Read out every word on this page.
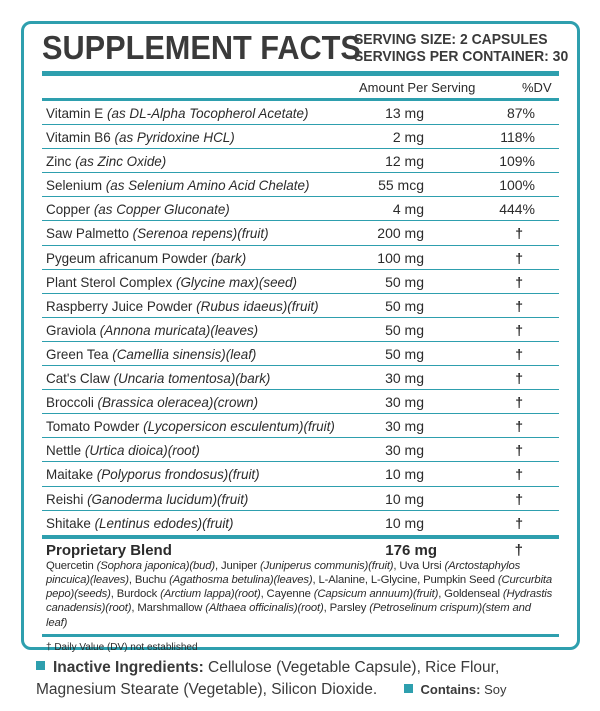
SUPPLEMENT FACTS
SERVING SIZE: 2 CAPSULES
SERVINGS PER CONTAINER: 30
Amount Per Serving	%DV
Vitamin E (as DL-Alpha Tocopherol Acetate)	13 mg	87%
Vitamin B6 (as Pyridoxine HCL)	2 mg	118%
Zinc (as Zinc Oxide)	12 mg	109%
Selenium (as Selenium Amino Acid Chelate)	55 mcg	100%
Copper (as Copper Gluconate)	4 mg	444%
Saw Palmetto (Serenoa repens)(fruit)	200 mg	†
Pygeum africanum Powder (bark)	100 mg	†
Plant Sterol Complex (Glycine max)(seed)	50 mg	†
Raspberry Juice Powder (Rubus idaeus)(fruit)	50 mg	†
Graviola (Annona muricata)(leaves)	50 mg	†
Green Tea (Camellia sinensis)(leaf)	50 mg	†
Cat's Claw (Uncaria tomentosa)(bark)	30 mg	†
Broccoli (Brassica oleracea)(crown)	30 mg	†
Tomato Powder (Lycopersicon esculentum)(fruit)	30 mg	†
Nettle (Urtica dioica)(root)	30 mg	†
Maitake (Polyporus frondosus)(fruit)	10 mg	†
Reishi (Ganoderma lucidum)(fruit)	10 mg	†
Shitake (Lentinus edodes)(fruit)	10 mg	†
Proprietary Blend	176 mg	†
Quercetin (Sophora japonica)(bud), Juniper (Juniperus communis)(fruit), Uva Ursi (Arctostaphylos pincuica)(leaves), Buchu (Agathosma betulina)(leaves), L-Alanine, L-Glycine, Pumpkin Seed (Curcurbita pepo)(seeds), Burdock (Arctium lappa)(root), Cayenne (Capsicum annuum)(fruit), Goldenseal (Hydrastis canadensis)(root), Marshmallow (Althaea officinalis)(root), Parsley (Petroselinum crispum)(stem and leaf)
† Daily Value (DV) not established
Inactive Ingredients: Cellulose (Vegetable Capsule), Rice Flour, Magnesium Stearate (Vegetable), Silicon Dioxide.	Contains: Soy
